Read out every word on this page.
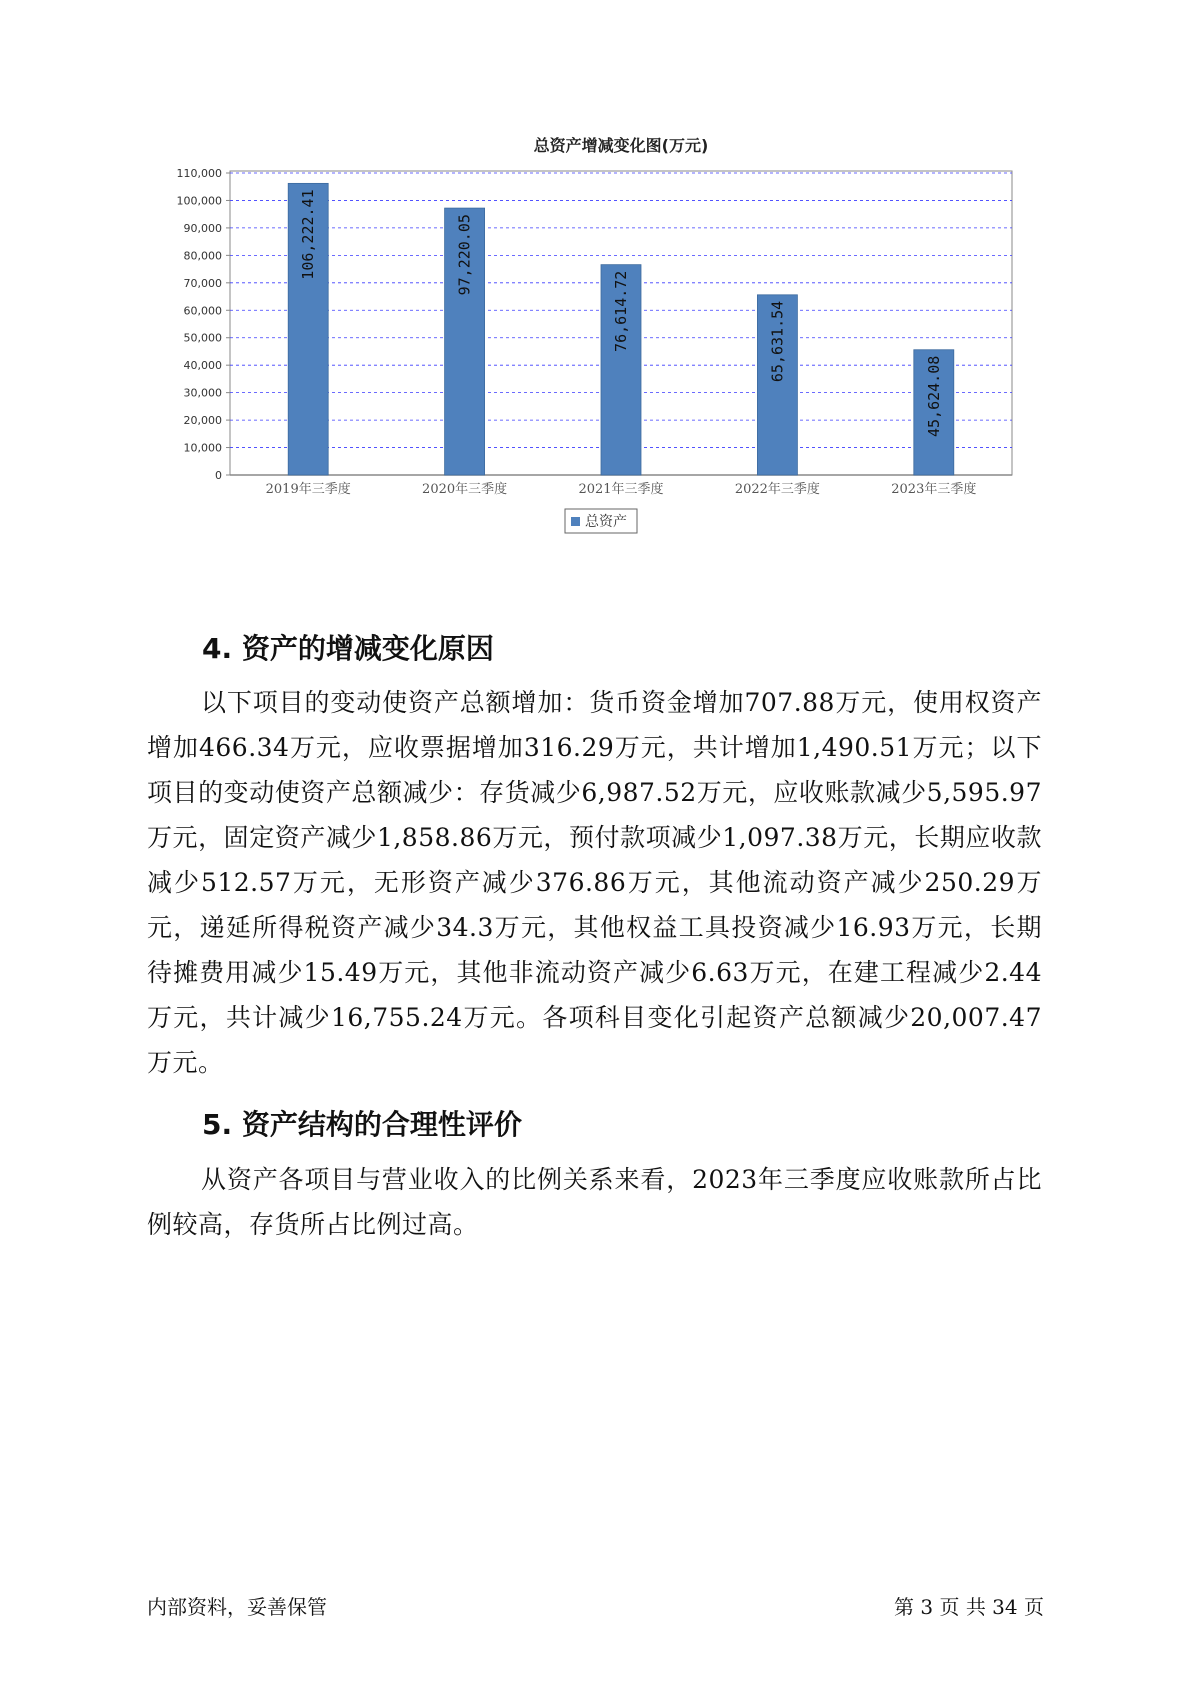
总资产增减变化图(万元)
0
10,000
20,000
30,000
40,000
50,000
60,000
70,000
80,000
90,000
100,000
110,000
106,222.41
2019年三季度
97,220.05
2020年三季度
76,614.72
2021年三季度
65,631.54
2022年三季度
45,624.08
2023年三季度
总资产
4. 资产的增减变化原因

以下项目的变动使资产总额增加：货币资金增加707.88万元，使用权资产增加466.34万元，应收票据增加316.29万元，共计增加1,490.51万元；以下项目的变动使资产总额减少：存货减少6,987.52万元，应收账款减少5,595.97万元，固定资产减少1,858.86万元，预付款项减少1,097.38万元，长期应收款减少512.57万元，无形资产减少376.86万元，其他流动资产减少250.29万元，递延所得税资产减少34.3万元，其他权益工具投资减少16.93万元，长期待摊费用减少15.49万元，其他非流动资产减少6.63万元，在建工程减少2.44万元，共计减少16,755.24万元。各项科目变化引起资产总额减少20,007.47万元。

5. 资产结构的合理性评价

从资产各项目与营业收入的比例关系来看，2023年三季度应收账款所占比例较高，存货所占比例过高。

内部资料，妥善保管	第 3 页 共 34 页
